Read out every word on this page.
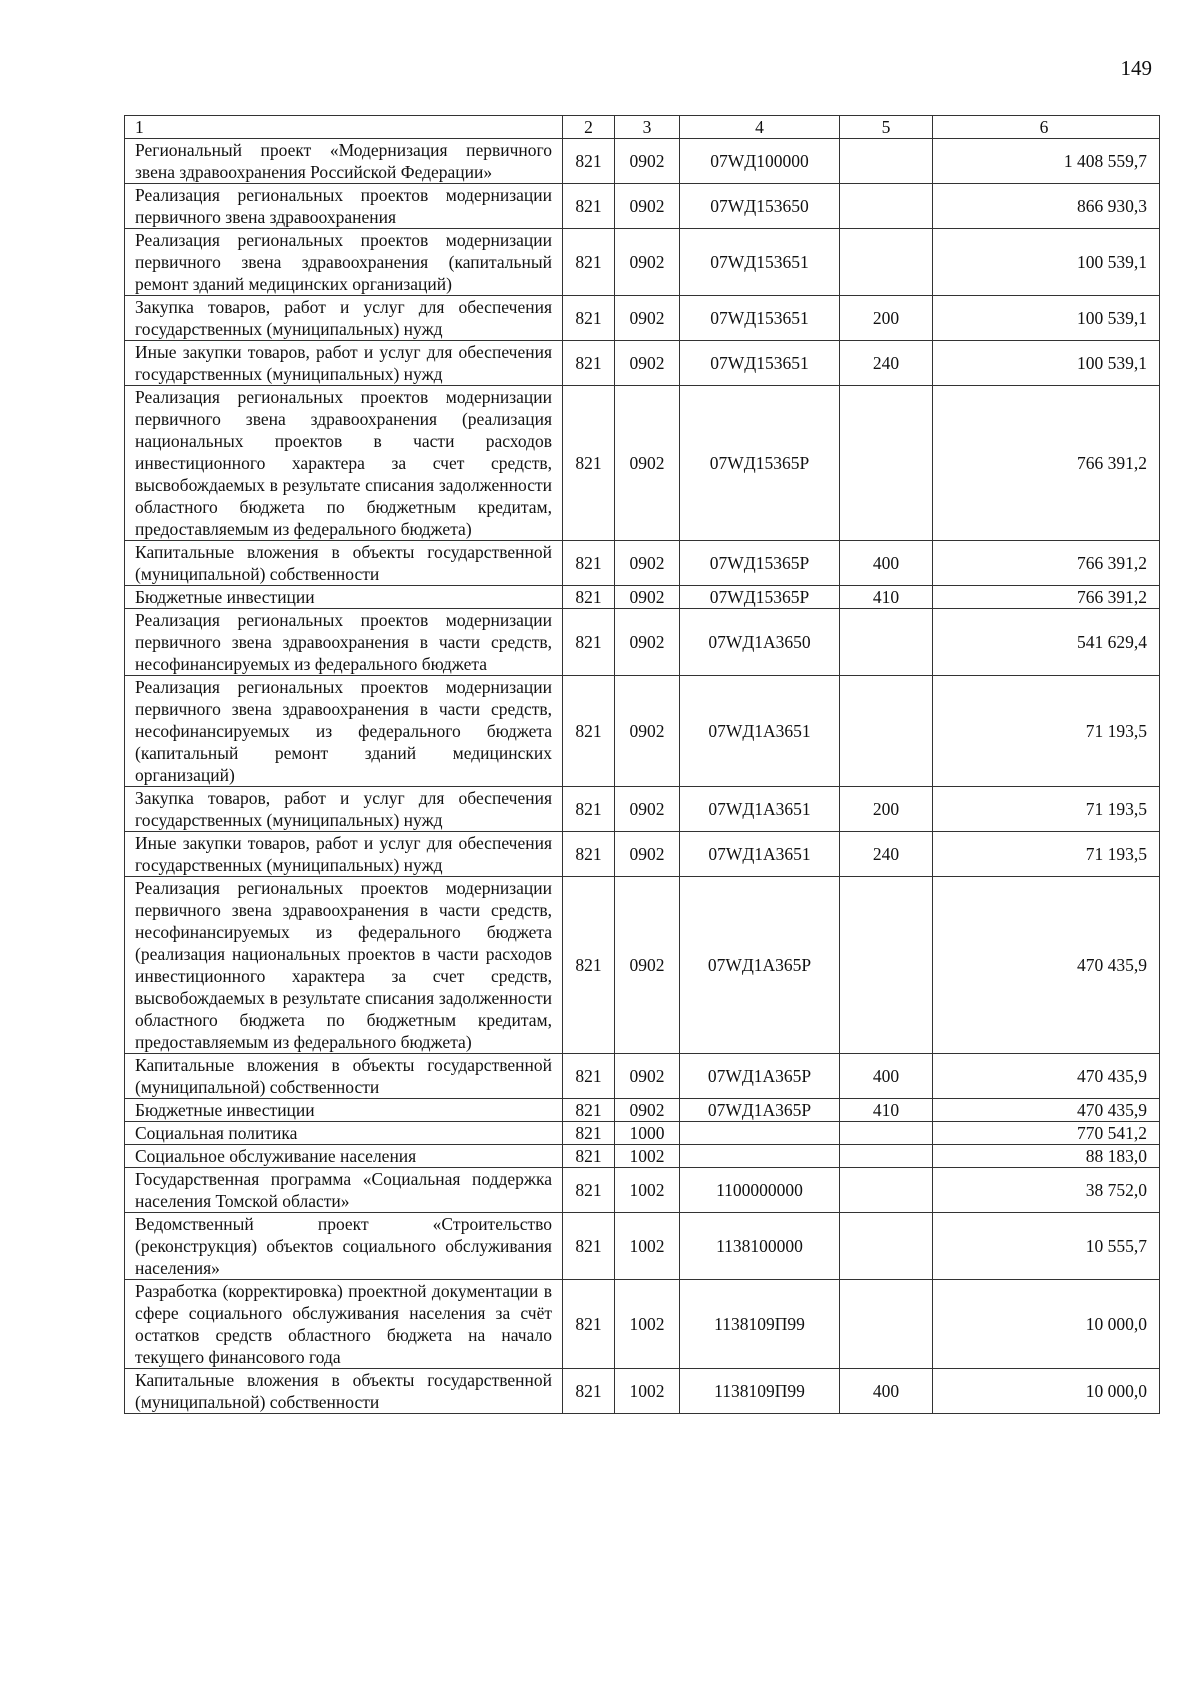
149
1	2	3	4	5	6
Региональный проект «Модернизация первичного звена здравоохранения Российской Федерации»	821	0902	07WД100000		1 408 559,7
Реализация региональных проектов модернизации первичного звена здравоохранения	821	0902	07WД153650		866 930,3
Реализация региональных проектов модернизации первичного звена здравоохранения (капитальный ремонт зданий медицинских организаций)	821	0902	07WД153651		100 539,1
Закупка товаров, работ и услуг для обеспечения государственных (муниципальных) нужд	821	0902	07WД153651	200	100 539,1
Иные закупки товаров, работ и услуг для обеспечения государственных (муниципальных) нужд	821	0902	07WД153651	240	100 539,1
Реализация региональных проектов модернизации первичного звена здравоохранения (реализация национальных проектов в части расходов инвестиционного характера за счет средств, высвобождаемых в результате списания задолженности областного бюджета по бюджетным кредитам, предоставляемым из федерального бюджета)	821	0902	07WД15365P		766 391,2
Капитальные вложения в объекты государственной (муниципальной) собственности	821	0902	07WД15365P	400	766 391,2
Бюджетные инвестиции	821	0902	07WД15365P	410	766 391,2
Реализация региональных проектов модернизации первичного звена здравоохранения в части средств, несофинансируемых из федерального бюджета	821	0902	07WД1А3650		541 629,4
Реализация региональных проектов модернизации первичного звена здравоохранения в части средств, несофинансируемых из федерального бюджета (капитальный ремонт зданий медицинских организаций)	821	0902	07WД1А3651		71 193,5
Закупка товаров, работ и услуг для обеспечения государственных (муниципальных) нужд	821	0902	07WД1А3651	200	71 193,5
Иные закупки товаров, работ и услуг для обеспечения государственных (муниципальных) нужд	821	0902	07WД1А3651	240	71 193,5
Реализация региональных проектов модернизации первичного звена здравоохранения в части средств, несофинансируемых из федерального бюджета (реализация национальных проектов в части расходов инвестиционного характера за счет средств, высвобождаемых в результате списания задолженности областного бюджета по бюджетным кредитам, предоставляемым из федерального бюджета)	821	0902	07WД1А365P		470 435,9
Капитальные вложения в объекты государственной (муниципальной) собственности	821	0902	07WД1А365P	400	470 435,9
Бюджетные инвестиции	821	0902	07WД1А365P	410	470 435,9
Социальная политика	821	1000			770 541,2
Социальное обслуживание населения	821	1002			88 183,0
Государственная программа «Социальная поддержка населения Томской области»	821	1002	1100000000		38 752,0
Ведомственный проект «Строительство (реконструкция) объектов социального обслуживания населения»	821	1002	1138100000		10 555,7
Разработка (корректировка) проектной документации в сфере социального обслуживания населения за счёт остатков средств областного бюджета на начало текущего финансового года	821	1002	1138109П99		10 000,0
Капитальные вложения в объекты государственной (муниципальной) собственности	821	1002	1138109П99	400	10 000,0
